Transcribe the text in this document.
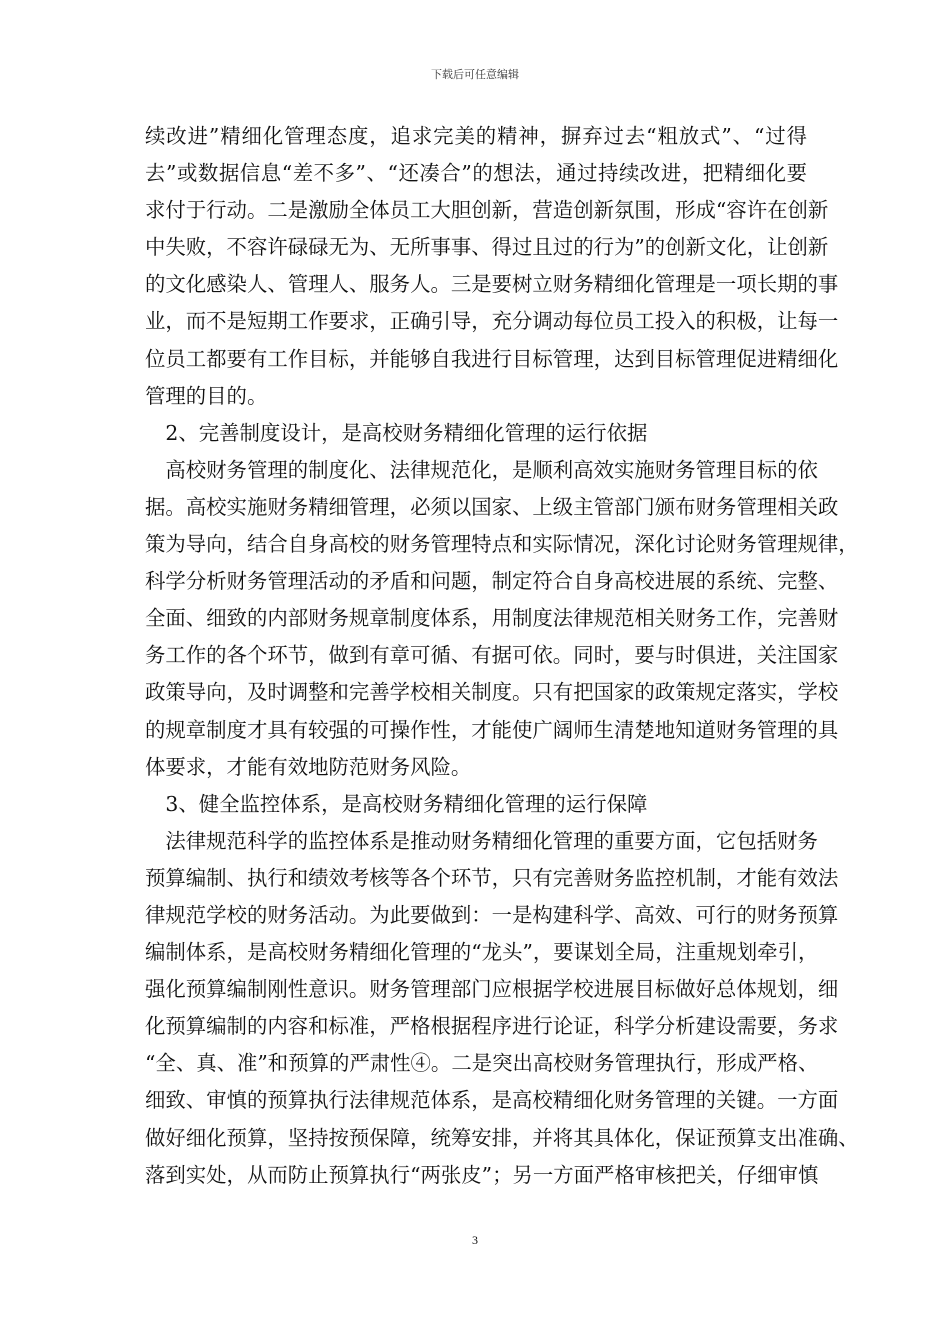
下载后可任意编辑
续改进”精细化管理态度，追求完美的精神，摒弃过去“粗放式”、“过得
去”或数据信息“差不多”、“还凑合”的想法，通过持续改进，把精细化要
求付于行动。二是激励全体员工大胆创新，营造创新氛围，形成“容许在创新
中失败，不容许碌碌无为、无所事事、得过且过的行为”的创新文化，让创新
的文化感染人、管理人、服务人。三是要树立财务精细化管理是一项长期的事
业，而不是短期工作要求，正确引导，充分调动每位员工投入的积极，让每一
位员工都要有工作目标，并能够自我进行目标管理，达到目标管理促进精细化
管理的目的。
　2、完善制度设计，是高校财务精细化管理的运行依据
　高校财务管理的制度化、法律规范化，是顺利高效实施财务管理目标的依
据。高校实施财务精细管理，必须以国家、上级主管部门颁布财务管理相关政
策为导向，结合自身高校的财务管理特点和实际情况，深化讨论财务管理规律，
科学分析财务管理活动的矛盾和问题，制定符合自身高校进展的系统、完整、
全面、细致的内部财务规章制度体系，用制度法律规范相关财务工作，完善财
务工作的各个环节，做到有章可循、有据可依。同时，要与时俱进，关注国家
政策导向，及时调整和完善学校相关制度。只有把国家的政策规定落实，学校
的规章制度才具有较强的可操作性，才能使广阔师生清楚地知道财务管理的具
体要求，才能有效地防范财务风险。
　3、健全监控体系，是高校财务精细化管理的运行保障
　法律规范科学的监控体系是推动财务精细化管理的重要方面，它包括财务
预算编制、执行和绩效考核等各个环节，只有完善财务监控机制，才能有效法
律规范学校的财务活动。为此要做到：一是构建科学、高效、可行的财务预算
编制体系，是高校财务精细化管理的“龙头”，要谋划全局，注重规划牵引，
强化预算编制刚性意识。财务管理部门应根据学校进展目标做好总体规划，细
化预算编制的内容和标准，严格根据程序进行论证，科学分析建设需要，务求
“全、真、准”和预算的严肃性④。二是突出高校财务管理执行，形成严格、
细致、审慎的预算执行法律规范体系，是高校精细化财务管理的关键。一方面
做好细化预算，坚持按预保障，统筹安排，并将其具体化，保证预算支出准确、
落到实处，从而防止预算执行“两张皮”；另一方面严格审核把关，仔细审慎
3
